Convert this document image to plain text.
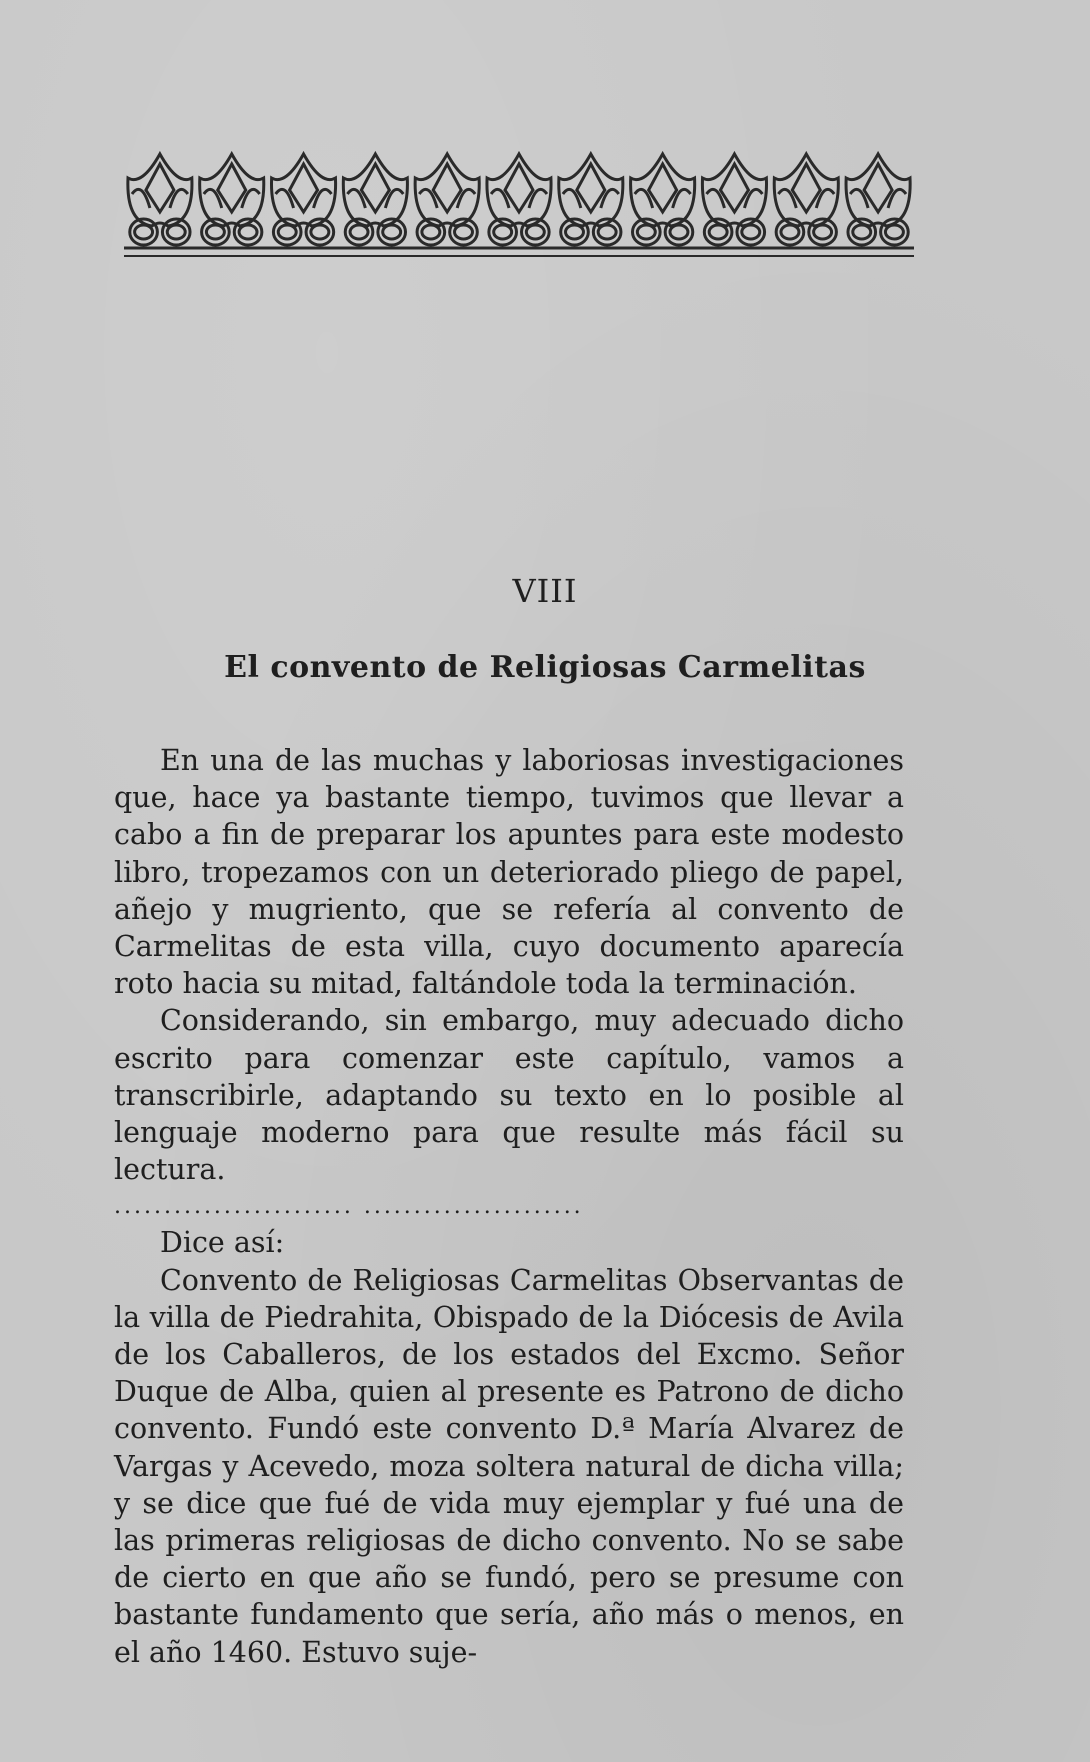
VIII
El convento de Religiosas Carmelitas

En una de las muchas y laboriosas investigaciones que, hace ya bastante tiempo, tuvimos que llevar a cabo a fin de preparar los apuntes para este modesto libro, tropezamos con un deteriorado pliego de papel, añejo y mugriento, que se refería al convento de Carmelitas de esta villa, cuyo documento aparecía roto hacia su mitad, faltándole toda la terminación.

Considerando, sin embargo, muy adecuado dicho escrito para comenzar este capítulo, vamos a transcribirle, adaptando su texto en lo posible al lenguaje moderno para que resulte más fácil su lectura.

........................ ......................

Dice así:

Convento de Religiosas Carmelitas Observantas de la villa de Piedrahita, Obispado de la Diócesis de Avila de los Caballeros, de los estados del Excmo. Señor Duque de Alba, quien al presente es Patrono de dicho convento. Fundó este convento D.ª María Alvarez de Vargas y Acevedo, moza soltera natural de dicha villa; y se dice que fué de vida muy ejemplar y fué una de las primeras religiosas de dicho convento. No se sabe de cierto en que año se fundó, pero se presume con bastante fundamento que sería, año más o menos, en el año 1460. Estuvo suje-
